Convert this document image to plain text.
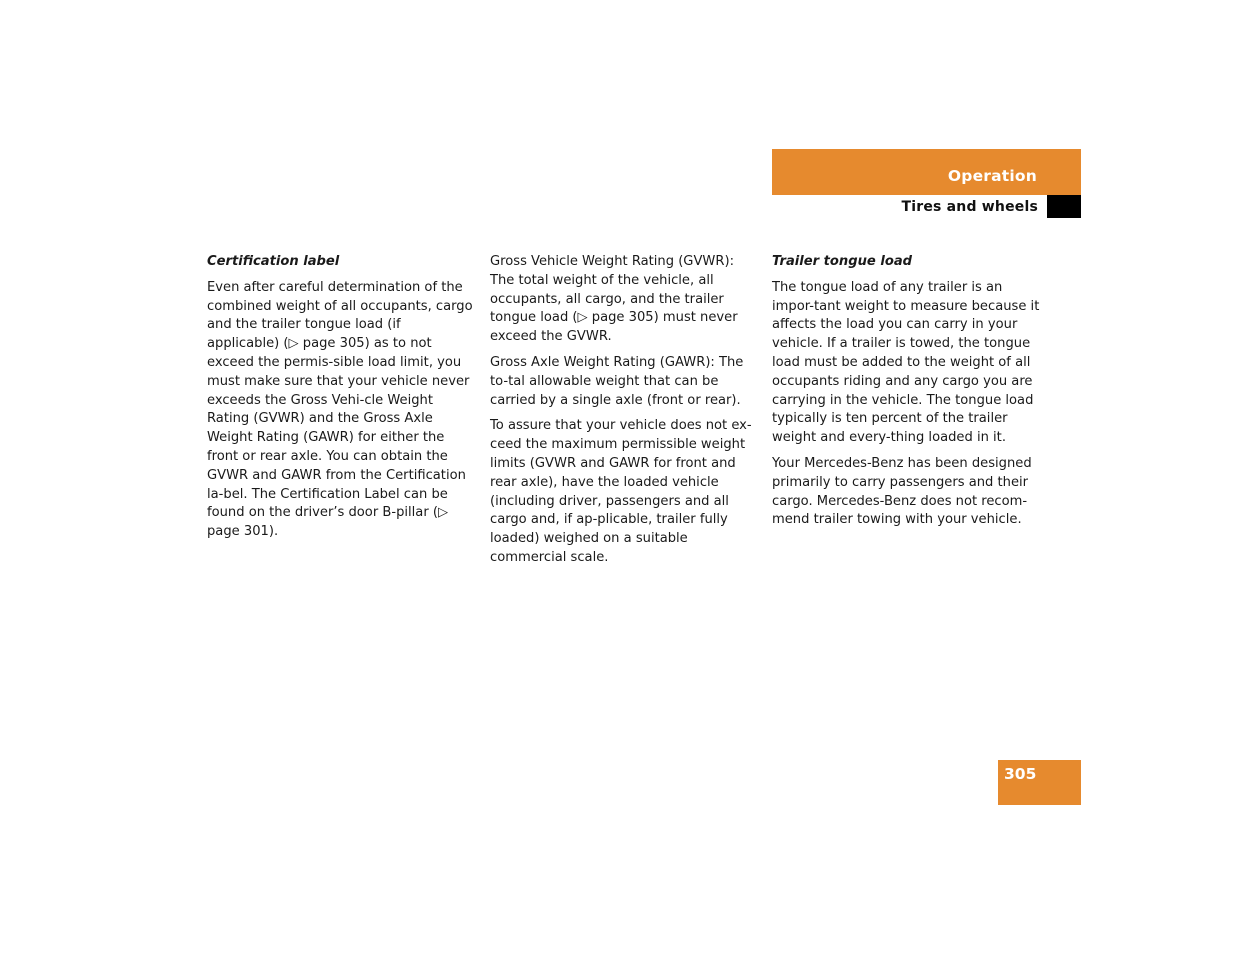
Operation
Tires and wheels
Certification label

Even after careful determination of the combined weight of all occupants, cargo and the trailer tongue load (if applicable) (▷ page 305) as to not exceed the permis-sible load limit, you must make sure that your vehicle never exceeds the Gross Vehi-cle Weight Rating (GVWR) and the Gross Axle Weight Rating (GAWR) for either the front or rear axle. You can obtain the GVWR and GAWR from the Certification la-bel. The Certification Label can be found on the driver’s door B-pillar (▷ page 301).

Gross Vehicle Weight Rating (GVWR): The total weight of the vehicle, all occupants, all cargo, and the trailer tongue load (▷ page 305) must never exceed the GVWR.

Gross Axle Weight Rating (GAWR): The to-tal allowable weight that can be carried by a single axle (front or rear).

To assure that your vehicle does not ex-ceed the maximum permissible weight limits (GVWR and GAWR for front and rear axle), have the loaded vehicle (including driver, passengers and all cargo and, if ap-plicable, trailer fully loaded) weighed on a suitable commercial scale.

Trailer tongue load

The tongue load of any trailer is an impor-tant weight to measure because it affects the load you can carry in your vehicle. If a trailer is towed, the tongue load must be added to the weight of all occupants riding and any cargo you are carrying in the vehicle. The tongue load typically is ten percent of the trailer weight and every-thing loaded in it.

Your Mercedes-Benz has been designed primarily to carry passengers and their cargo. Mercedes-Benz does not recom-mend trailer towing with your vehicle.

305
